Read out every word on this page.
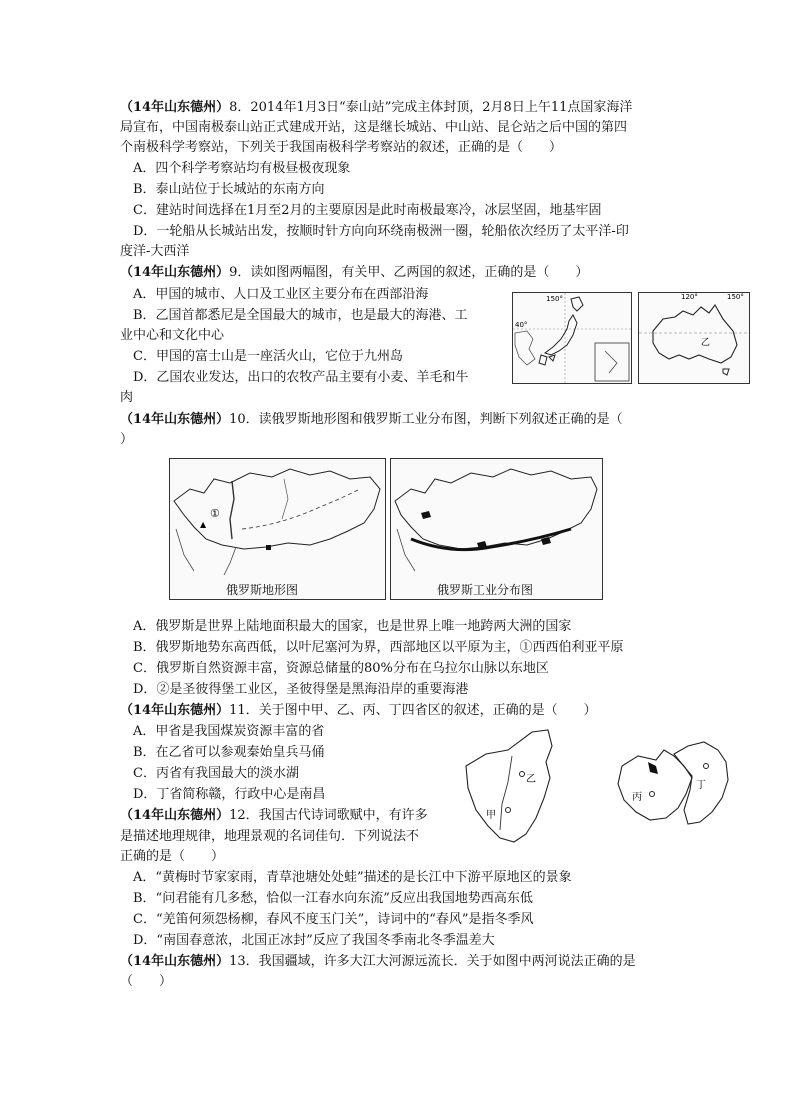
（14年山东德州）8．2014年1月3日“泰山站”完成主体封顶，2月8日上午11点国家海洋
局宣布，中国南极泰山站正式建成开站，这是继长城站、中山站、昆仑站之后中国的第四
个南极科学考察站，下列关于我国南极科学考察站的叙述，正确的是（　　）
A．四个科学考察站均有极昼极夜现象
B．泰山站位于长城站的东南方向
C．建站时间选择在1月至2月的主要原因是此时南极最寒冷，冰层坚固，地基牢固
D．一轮船从长城站出发，按顺时针方向向环绕南极洲一圈，轮船依次经历了太平洋-印
度洋-大西洋
（14年山东德州）9．读如图两幅图，有关甲、乙两国的叙述，正确的是（　　）
A．甲国的城市、人口及工业区主要分布在西部沿海
B．乙国首都悉尼是全国最大的城市，也是最大的海港、工
业中心和文化中心
C．甲国的富士山是一座活火山，它位于九州岛
D．乙国农业发达，出口的农牧产品主要有小麦、羊毛和牛
肉
150°
40°
120°	150°
乙
（14年山东德州）10．读俄罗斯地形图和俄罗斯工业分布图，判断下列叙述正确的是（
）
①
▲
俄罗斯地形图	俄罗斯工业分布图
A．俄罗斯是世界上陆地面积最大的国家，也是世界上唯一地跨两大洲的国家
B．俄罗斯地势东高西低，以叶尼塞河为界，西部地区以平原为主，①西西伯利亚平原
C．俄罗斯自然资源丰富，资源总储量的80%分布在乌拉尔山脉以东地区
D．②是圣彼得堡工业区，圣彼得堡是黑海沿岸的重要海港
（14年山东德州）11．关于图中甲、乙、丙、丁四省区的叙述，正确的是（　　）
A．甲省是我国煤炭资源丰富的省
B．在乙省可以参观秦始皇兵马俑
C．丙省有我国最大的淡水湖
D．丁省简称赣，行政中心是南昌
甲
乙
丙
丁
（14年山东德州）12．我国古代诗词歌赋中，有许多
是描述地理规律，地理景观的名词佳句．下列说法不
正确的是（　　）
A．“黄梅时节家家雨，青草池塘处处蛙”描述的是长江中下游平原地区的景象
B．“问君能有几多愁，恰似一江春水向东流”反应出我国地势西高东低
C．“羌笛何须怨杨柳，春风不度玉门关”，诗词中的“春风”是指冬季风
D．“南国春意浓，北国正冰封”反应了我国冬季南北冬季温差大
（14年山东德州）13．我国疆域，许多大江大河源远流长．关于如图中两河说法正确的是
（　　）
